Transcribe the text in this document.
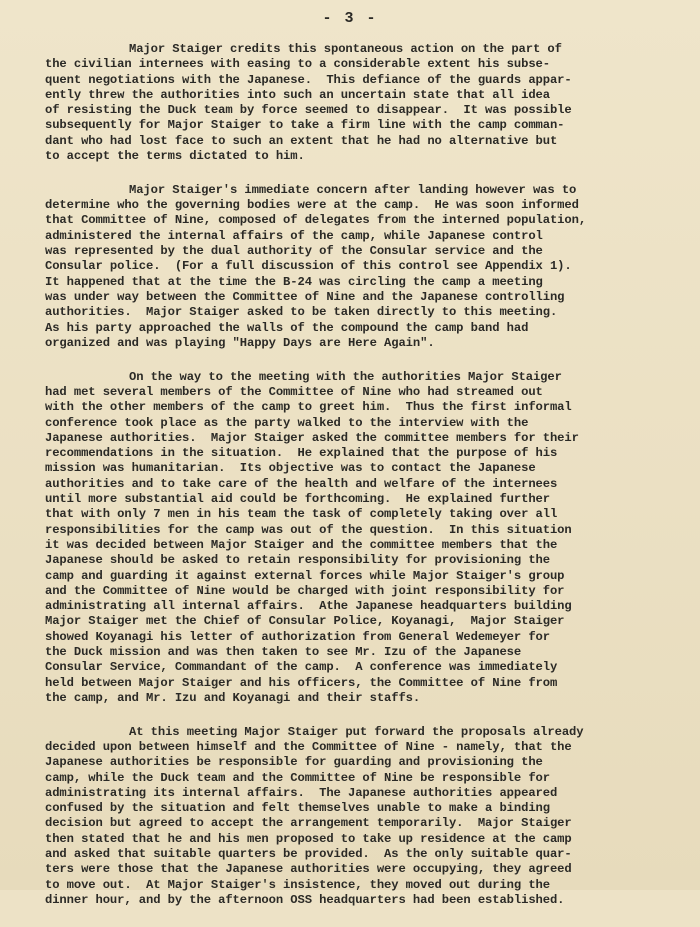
- 3 -
Major Staiger credits this spontaneous action on the part of
the civilian internees with easing to a considerable extent his subse-
quent negotiations with the Japanese.  This defiance of the guards appar-
ently threw the authorities into such an uncertain state that all idea
of resisting the Duck team by force seemed to disappear.  It was possible
subsequently for Major Staiger to take a firm line with the camp comman-
dant who had lost face to such an extent that he had no alternative but
to accept the terms dictated to him.
Major Staiger's immediate concern after landing however was to
determine who the governing bodies were at the camp.  He was soon informed
that Committee of Nine, composed of delegates from the interned population,
administered the internal affairs of the camp, while Japanese control
was represented by the dual authority of the Consular service and the
Consular police.  (For a full discussion of this control see Appendix 1).
It happened that at the time the B-24 was circling the camp a meeting
was under way between the Committee of Nine and the Japanese controlling
authorities.  Major Staiger asked to be taken directly to this meeting.
As his party approached the walls of the compound the camp band had
organized and was playing "Happy Days are Here Again".
On the way to the meeting with the authorities Major Staiger
had met several members of the Committee of Nine who had streamed out
with the other members of the camp to greet him.  Thus the first informal
conference took place as the party walked to the interview with the
Japanese authorities.  Major Staiger asked the committee members for their
recommendations in the situation.  He explained that the purpose of his
mission was humanitarian.  Its objective was to contact the Japanese
authorities and to take care of the health and welfare of the internees
until more substantial aid could be forthcoming.  He explained further
that with only 7 men in his team the task of completely taking over all
responsibilities for the camp was out of the question.  In this situation
it was decided between Major Staiger and the committee members that the
Japanese should be asked to retain responsibility for provisioning the
camp and guarding it against external forces while Major Staiger's group
and the Committee of Nine would be charged with joint responsibility for
administrating all internal affairs.  Athe Japanese headquarters building
Major Staiger met the Chief of Consular Police, Koyanagi,  Major Staiger
showed Koyanagi his letter of authorization from General Wedemeyer for
the Duck mission and was then taken to see Mr. Izu of the Japanese
Consular Service, Commandant of the camp.  A conference was immediately
held between Major Staiger and his officers, the Committee of Nine from
the camp, and Mr. Izu and Koyanagi and their staffs.
At this meeting Major Staiger put forward the proposals already
decided upon between himself and the Committee of Nine - namely, that the
Japanese authorities be responsible for guarding and provisioning the
camp, while the Duck team and the Committee of Nine be responsible for
administrating its internal affairs.  The Japanese authorities appeared
confused by the situation and felt themselves unable to make a binding
decision but agreed to accept the arrangement temporarily.  Major Staiger
then stated that he and his men proposed to take up residence at the camp
and asked that suitable quarters be provided.  As the only suitable quar-
ters were those that the Japanese authorities were occupying, they agreed
to move out.  At Major Staiger's insistence, they moved out during the
dinner hour, and by the afternoon OSS headquarters had been established.
